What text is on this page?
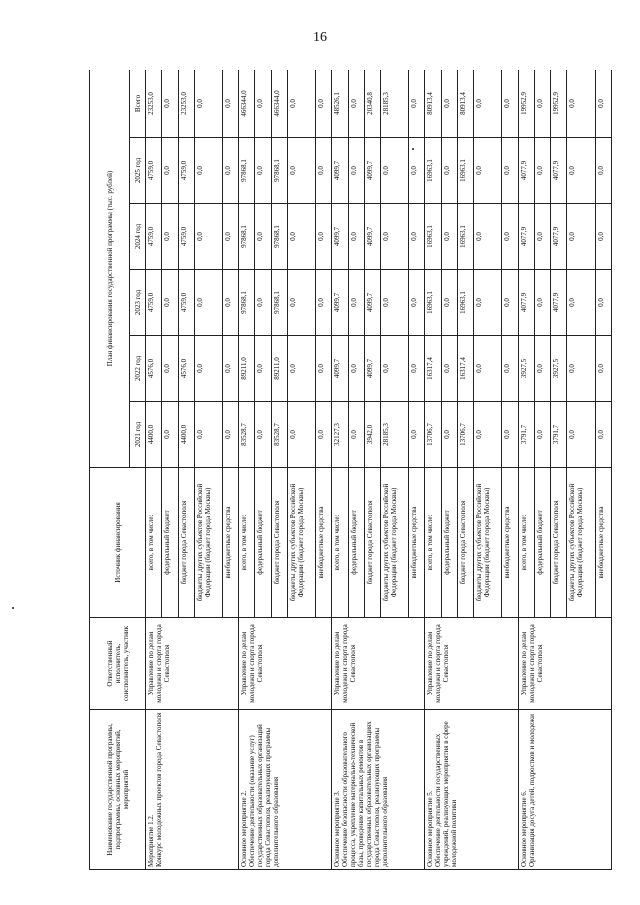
16
Наименование государственной программы, подпрограммы, основных мероприятий, мероприятий	Ответственный исполнитель, соисполнитель, участник	Источник финансирования	План финансирования государственной программы (тыс. рублей)					
			2021 год	2022 год	2023 год	2024 год	2025 год	Всего
Мероприятие 1.2.
Конкурс молодежных проектов города Севастополя	Управление по делам молодежи и спорта города Севастополя	всего, в том числе:	4400,0	4576,0	4759,0	4759,0	4759,0	23253,0
		федеральный бюджет	0,0	0,0	0,0	0,0	0,0	0,0
		бюджет города Севастополя	4400,0	4576,0	4759,0	4759,0	4759,0	23253,0
		бюджеты других субъектов Российской Федерации (бюджет города Москвы)	0,0	0,0	0,0	0,0	0,0	0,0
		внебюджетные средства	0,0	0,0	0,0	0,0	0,0	0,0
Основное мероприятие 2.
Обеспечение деятельности (оказание услуг) государственных образовательных организаций города Севастополя, реализующих программы дополнительного образования	Управление по делам молодежи и спорта города Севастополя	всего, в том числе:	83528,7	89211,0	97868,1	97868,1	97868,1	466344,0
		федеральный бюджет	0,0	0,0	0,0	0,0	0,0	0,0
		бюджет города Севастополя	83528,7	89211,0	97868,1	97868,1	97868,1	466344,0
		бюджеты других субъектов Российской Федерации (бюджет города Москвы)	0,0	0,0	0,0	0,0	0,0	0,0
		внебюджетные средства	0,0	0,0	0,0	0,0	0,0	0,0
Основное мероприятие 3.
Обеспечение безопасности образовательного процесса, укрепление материально-технической базы, проведение капитальных ремонтов в государственных образовательных организациях города Севастополя, реализующих программы дополнительного образования	Управление по делам молодежи и спорта города Севастополя	всего, в том числе:	32127,3	4099,7	4099,7	4099,7	4099,7	48526,1
		федеральный бюджет	0,0	0,0	0,0	0,0	0,0	0,0
		бюджет города Севастополя	3942,0	4099,7	4099,7	4099,7	4099,7	20340,8
		бюджеты других субъектов Российской Федерации (бюджет города Москвы)	28185,3	0,0	0,0	0,0	0,0	28185,3
		внебюджетные средства	0,0	0,0	0,0	0,0	0,0	0,0
Основное мероприятие 5.
Обеспечение деятельности государственных учреждений, реализующих мероприятия в сфере молодежной политики	Управление по делам молодежи и спорта города Севастополя	всего, в том числе:	13706,7	16317,4	16963,1	16963,1	16963,1	80913,4
		федеральный бюджет	0,0	0,0	0,0	0,0	0,0	0,0
		бюджет города Севастополя	13706,7	16317,4	16963,1	16963,1	16963,1	80913,4
		бюджеты других субъектов Российской Федерации (бюджет города Москвы)	0,0	0,0	0,0	0,0	0,0	0,0
		внебюджетные средства	0,0	0,0	0,0	0,0	0,0	0,0
Основное мероприятие 6.
Организация досуга детей, подростков и молодежи	Управление по делам молодежи и спорта города Севастополя	всего, в том числе:	3791,7	3927,5	4077,9	4077,9	4077,9	19952,9
		федеральный бюджет	0,0	0,0	0,0	0,0	0,0	0,0
		бюджет города Севастополя	3791,7	3927,5	4077,9	4077,9	4077,9	19952,9
		бюджеты других субъектов Российской Федерации (бюджет города Москвы)	0,0	0,0	0,0	0,0	0,0	0,0
		внебюджетные средства	0,0	0,0	0,0	0,0	0,0	0,0
